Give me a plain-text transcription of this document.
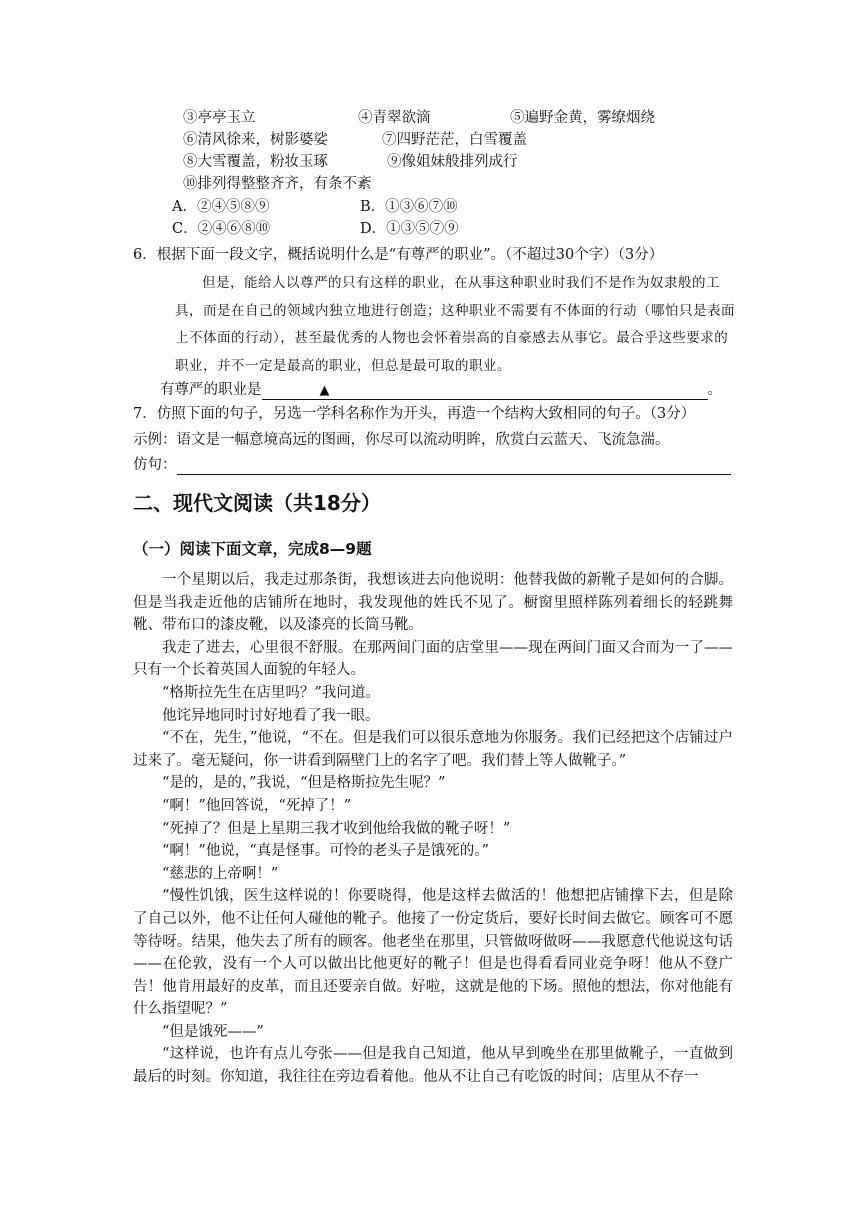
③亭亭玉立	④青翠欲滴	⑤遍野金黄，雾缭烟绕
⑥清风徐来，树影婆娑	⑦四野茫茫，白雪覆盖
⑧大雪覆盖，粉妆玉琢	⑨像姐妹般排列成行
⑩排列得整整齐齐，有条不紊
A．②④⑤⑧⑨	B．①③⑥⑦⑩
C．②④⑥⑧⑩	D．①③⑤⑦⑨
6．根据下面一段文字，概括说明什么是“有尊严的职业”。（不超过30个字）（3分）

但是，能给人以尊严的只有这样的职业，在从事这种职业时我们不是作为奴隶般的工具，而是在自己的领域内独立地进行创造；这种职业不需要有不体面的行动（哪怕只是表面上不体面的行动），甚至最优秀的人物也会怀着崇高的自豪感去从事它。最合乎这些要求的职业，并不一定是最高的职业，但总是最可取的职业。

有尊严的职业是	▲	。
7．仿照下面的句子，另选一学科名称作为开头，再造一个结构大致相同的句子。（3分）
示例：语文是一幅意境高远的图画，你尽可以流动明眸，欣赏白云蓝天、飞流急湍。
仿句：
二、现代文阅读（共18分）
（一）阅读下面文章，完成8—9题

一个星期以后，我走过那条街，我想该进去向他说明：他替我做的新靴子是如何的合脚。但是当我走近他的店铺所在地时，我发现他的姓氏不见了。橱窗里照样陈列着细长的轻跳舞靴、带布口的漆皮靴，以及漆亮的长筒马靴。

我走了进去，心里很不舒服。在那两间门面的店堂里——现在两间门面又合而为一了——只有一个长着英国人面貌的年轻人。

“格斯拉先生在店里吗？”我问道。

他诧异地同时讨好地看了我一眼。

“不在，先生，”他说，“不在。但是我们可以很乐意地为你服务。我们已经把这个店铺过户过来了。毫无疑问，你一讲看到隔壁门上的名字了吧。我们替上等人做靴子。”

“是的，是的，”我说，“但是格斯拉先生呢？”

“啊！”他回答说，“死掉了！”

“死掉了？但是上星期三我才收到他给我做的靴子呀！”

“啊！”他说，“真是怪事。可怜的老头子是饿死的。”

“慈悲的上帝啊！”

“慢性饥饿，医生这样说的！你要晓得，他是这样去做活的！他想把店铺撑下去，但是除了自己以外，他不让任何人碰他的靴子。他接了一份定货后，要好长时间去做它。顾客可不愿等待呀。结果，他失去了所有的顾客。他老坐在那里，只管做呀做呀——我愿意代他说这句话——在伦敦，没有一个人可以做出比他更好的靴子！但是也得看看同业竞争呀！他从不登广告！他肯用最好的皮革，而且还要亲自做。好啦，这就是他的下场。照他的想法，你对他能有什么指望呢？”

“但是饿死——”

“这样说，也许有点儿夸张——但是我自己知道，他从早到晚坐在那里做靴子，一直做到最后的时刻。你知道，我往往在旁边看着他。他从不让自己有吃饭的时间；店里从不存一
